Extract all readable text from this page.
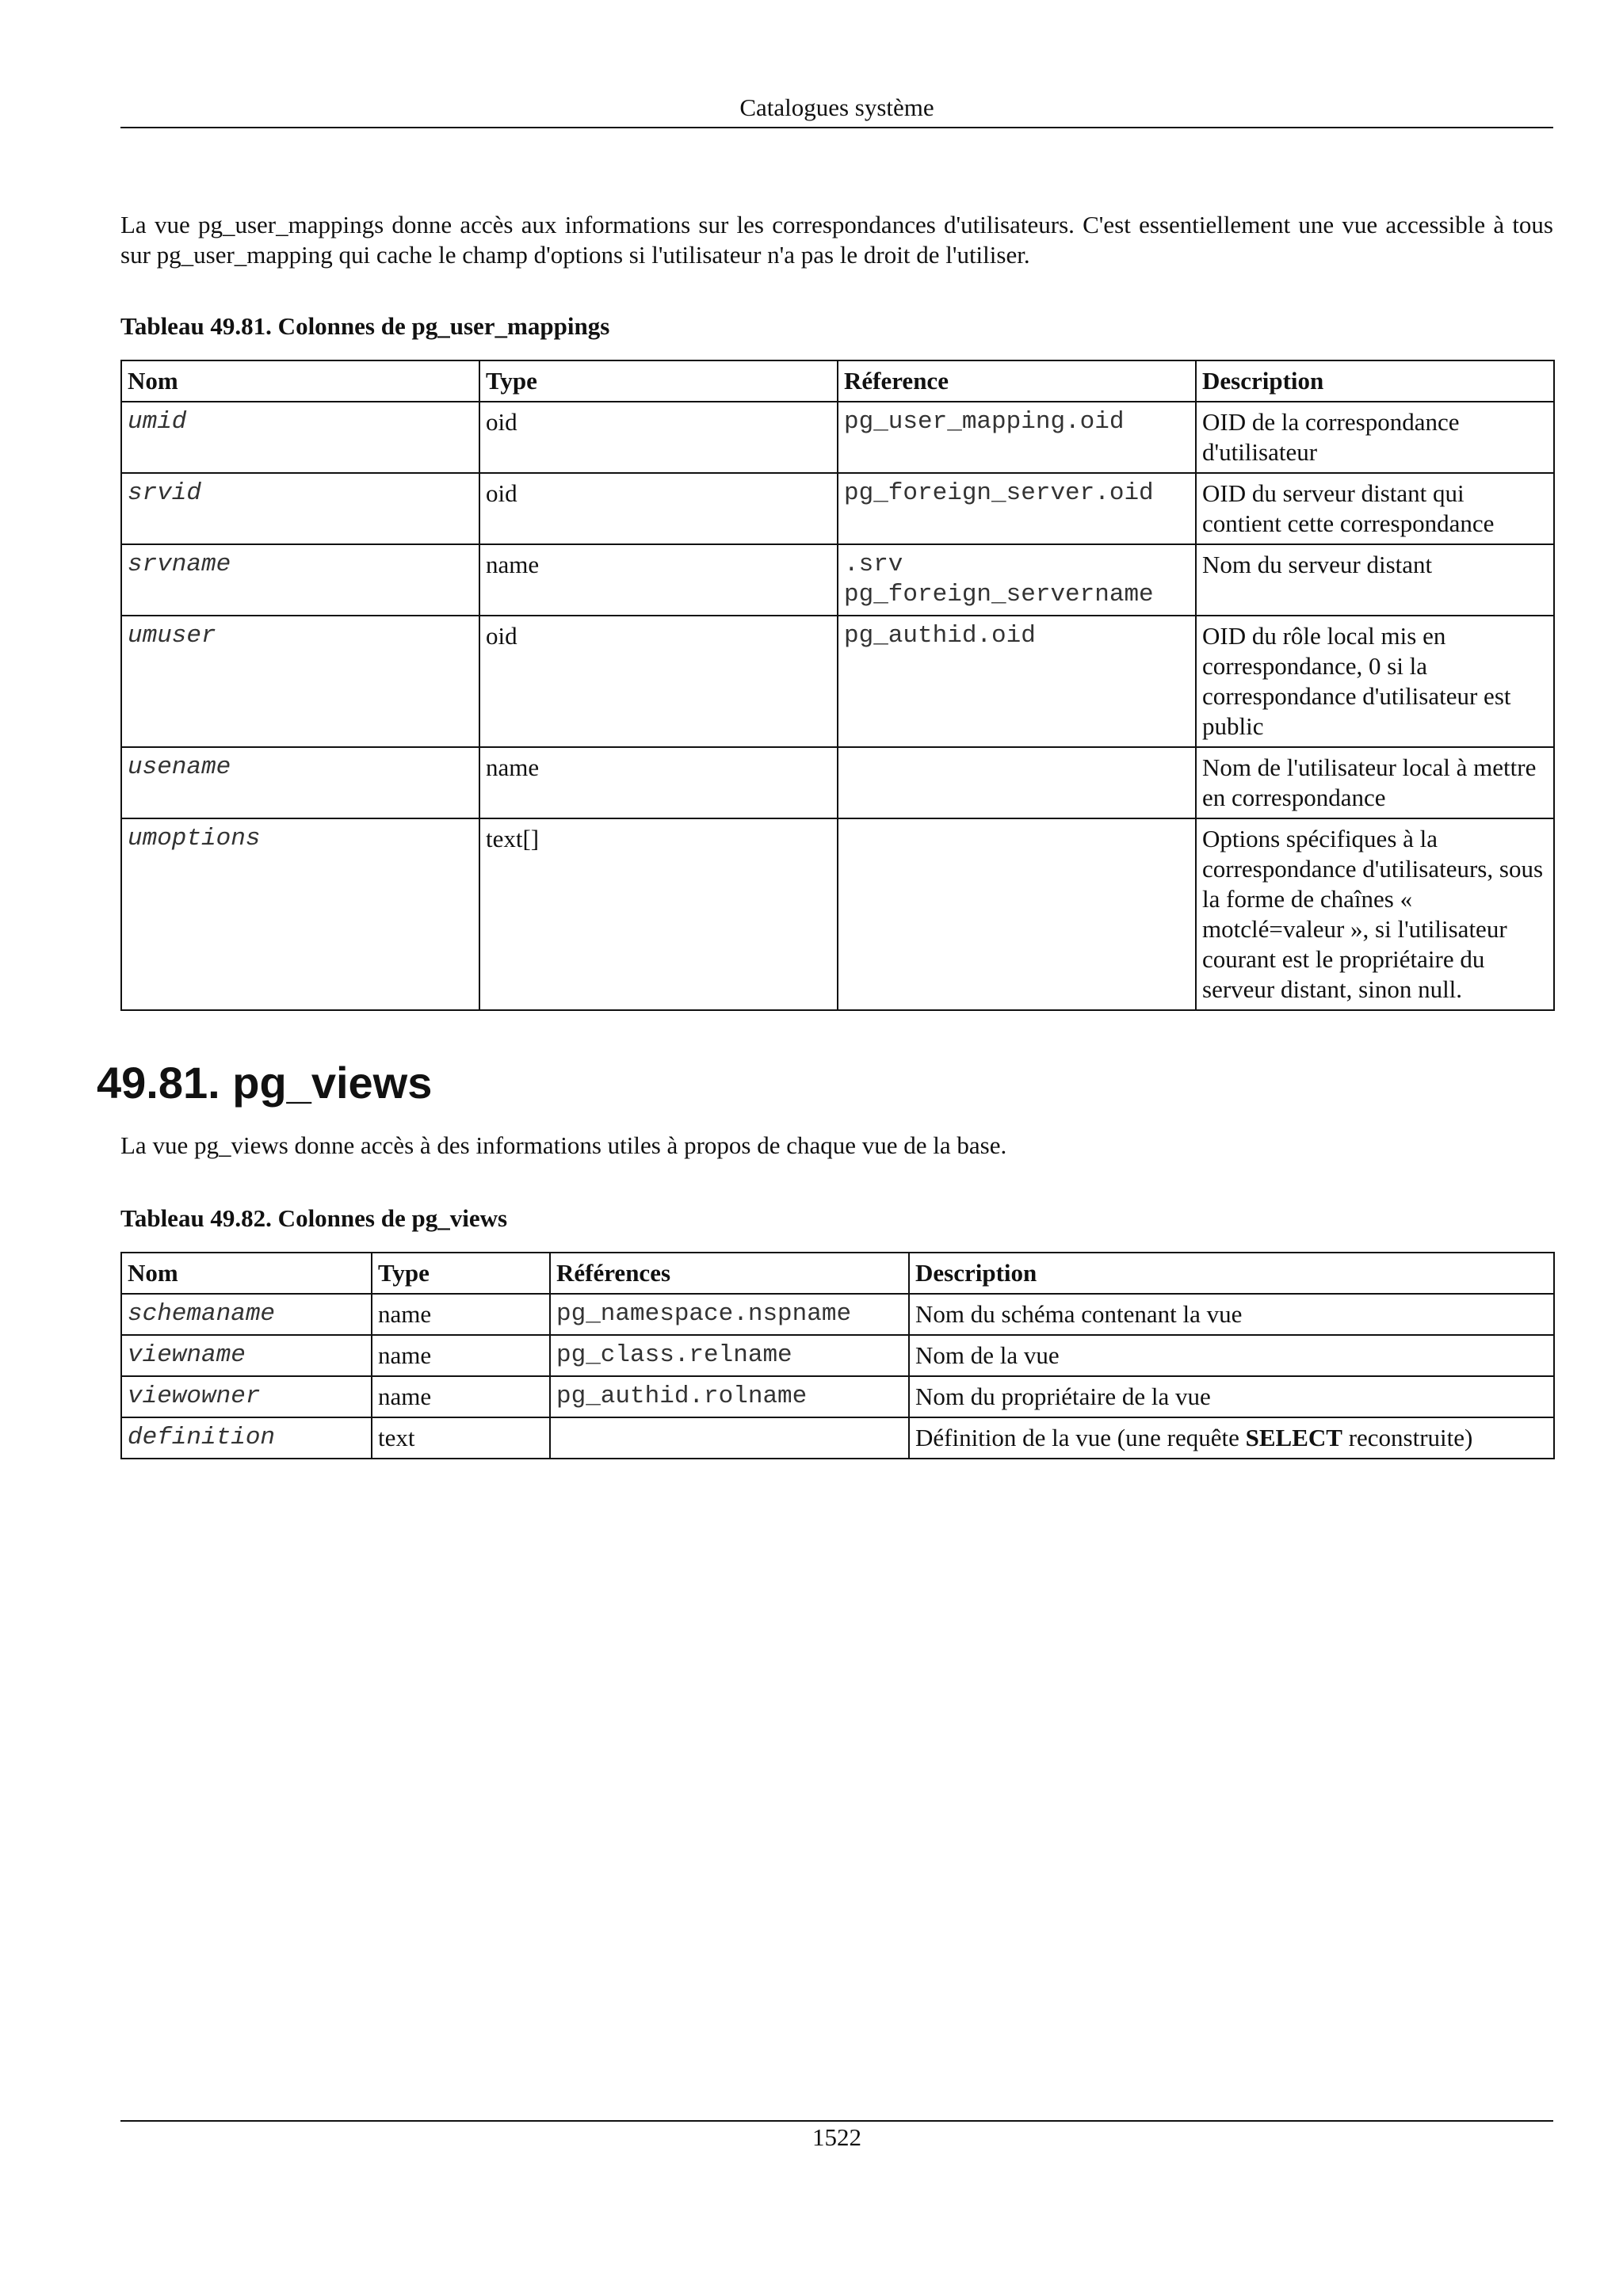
Catalogues système
La vue pg_user_mappings donne accès aux informations sur les correspondances d'utilisateurs. C'est essentiellement une vue accessible à tous sur pg_user_mapping qui cache le champ d'options si l'utilisateur n'a pas le droit de l'utiliser.
Tableau 49.81. Colonnes de pg_user_mappings
Nom	Type	Réference	Description
umid	oid	pg_user_mapping.oid	OID de la correspondance d'utilisateur
srvid	oid	pg_foreign_server.oid	OID du serveur distant qui contient cette correspondance
srvname	name	.srv pg_foreign_servername	Nom du serveur distant
umuser	oid	pg_authid.oid	OID du rôle local mis en correspondance, 0 si la correspondance d'utilisateur est public
usename	name		Nom de l'utilisateur local à mettre en correspondance
umoptions	text[]		Options spécifiques à la correspondance d'utilisateurs, sous la forme de chaînes « motclé=valeur », si l'utilisateur courant est le propriétaire du serveur distant, sinon null.
49.81. pg_views
La vue pg_views donne accès à des informations utiles à propos de chaque vue de la base.
Tableau 49.82. Colonnes de pg_views
Nom	Type	Références	Description
schemaname	name	pg_namespace.nspname	Nom du schéma contenant la vue
viewname	name	pg_class.relname	Nom de la vue
viewowner	name	pg_authid.rolname	Nom du propriétaire de la vue
definition	text		Définition de la vue (une requête SELECT reconstruite)
1522
